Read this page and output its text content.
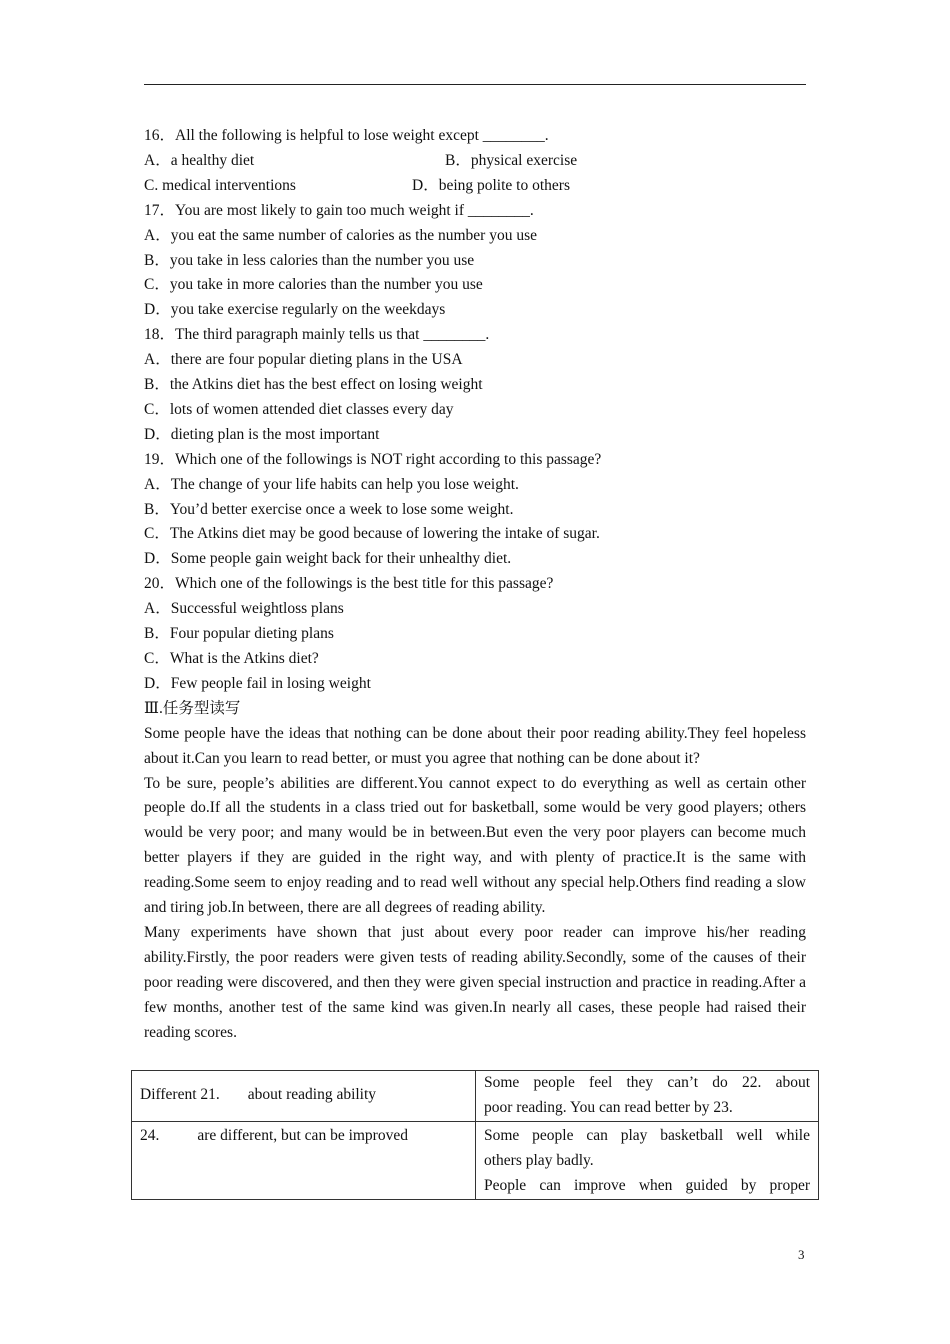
16．All the following is helpful to lose weight except ________.
A．a healthy diet	B．physical exercise
C. medical interventions	D．being polite to others
17．You are most likely to gain too much weight if ________.
A．you eat the same number of calories as the number you use
B．you take in less calories than the number you use
C．you take in more calories than the number you use
D．you take exercise regularly on the weekdays
18．The third paragraph mainly tells us that ________.
A．there are four popular dieting plans in the USA
B．the Atkins diet has the best effect on losing weight
C．lots of women attended diet classes every day
D．dieting plan is the most important
19．Which one of the followings is NOT right according to this passage?
A．The change of your life habits can help you lose weight.
B．You’d better exercise once a week to lose some weight.
C．The Atkins diet may be good because of lowering the intake of sugar.
D．Some people gain weight back for their unhealthy diet.
20．Which one of the followings is the best title for this passage?
A．Successful weightloss plans
B．Four popular dieting plans
C．What is the Atkins diet?
D．Few people fail in losing weight
Ⅲ.任务型读写
Some people have the ideas that nothing can be done about their poor reading ability.They feel hopeless about it.Can you learn to read better, or must you agree that nothing can be done about it?
To be sure, people’s abilities are different.You cannot expect to do everything as well as certain other people do.If all the students in a class tried out for basketball, some would be very good players; others would be very poor; and many would be in between.But even the very poor players can become much better players if they are guided in the right way, and with plenty of practice.It is the same with reading.Some seem to enjoy reading and to read well without any special help.Others find reading a slow and tiring job.In between, there are all degrees of reading ability.
Many experiments have shown that just about every poor reader can improve his/her reading ability.Firstly, the poor readers were given tests of reading ability.Secondly, some of the causes of their poor reading were discovered, and then they were given special instruction and practice in reading.After a few months, another test of the same kind was given.In nearly all cases, these people had raised their reading scores.
Different 21. about reading ability	Some people feel they can’t do 22. about
poor reading. You can read better by 23.

24. are different, but can be improved	Some people can play basketball well while
others play badly.
People can improve when guided by proper
3
